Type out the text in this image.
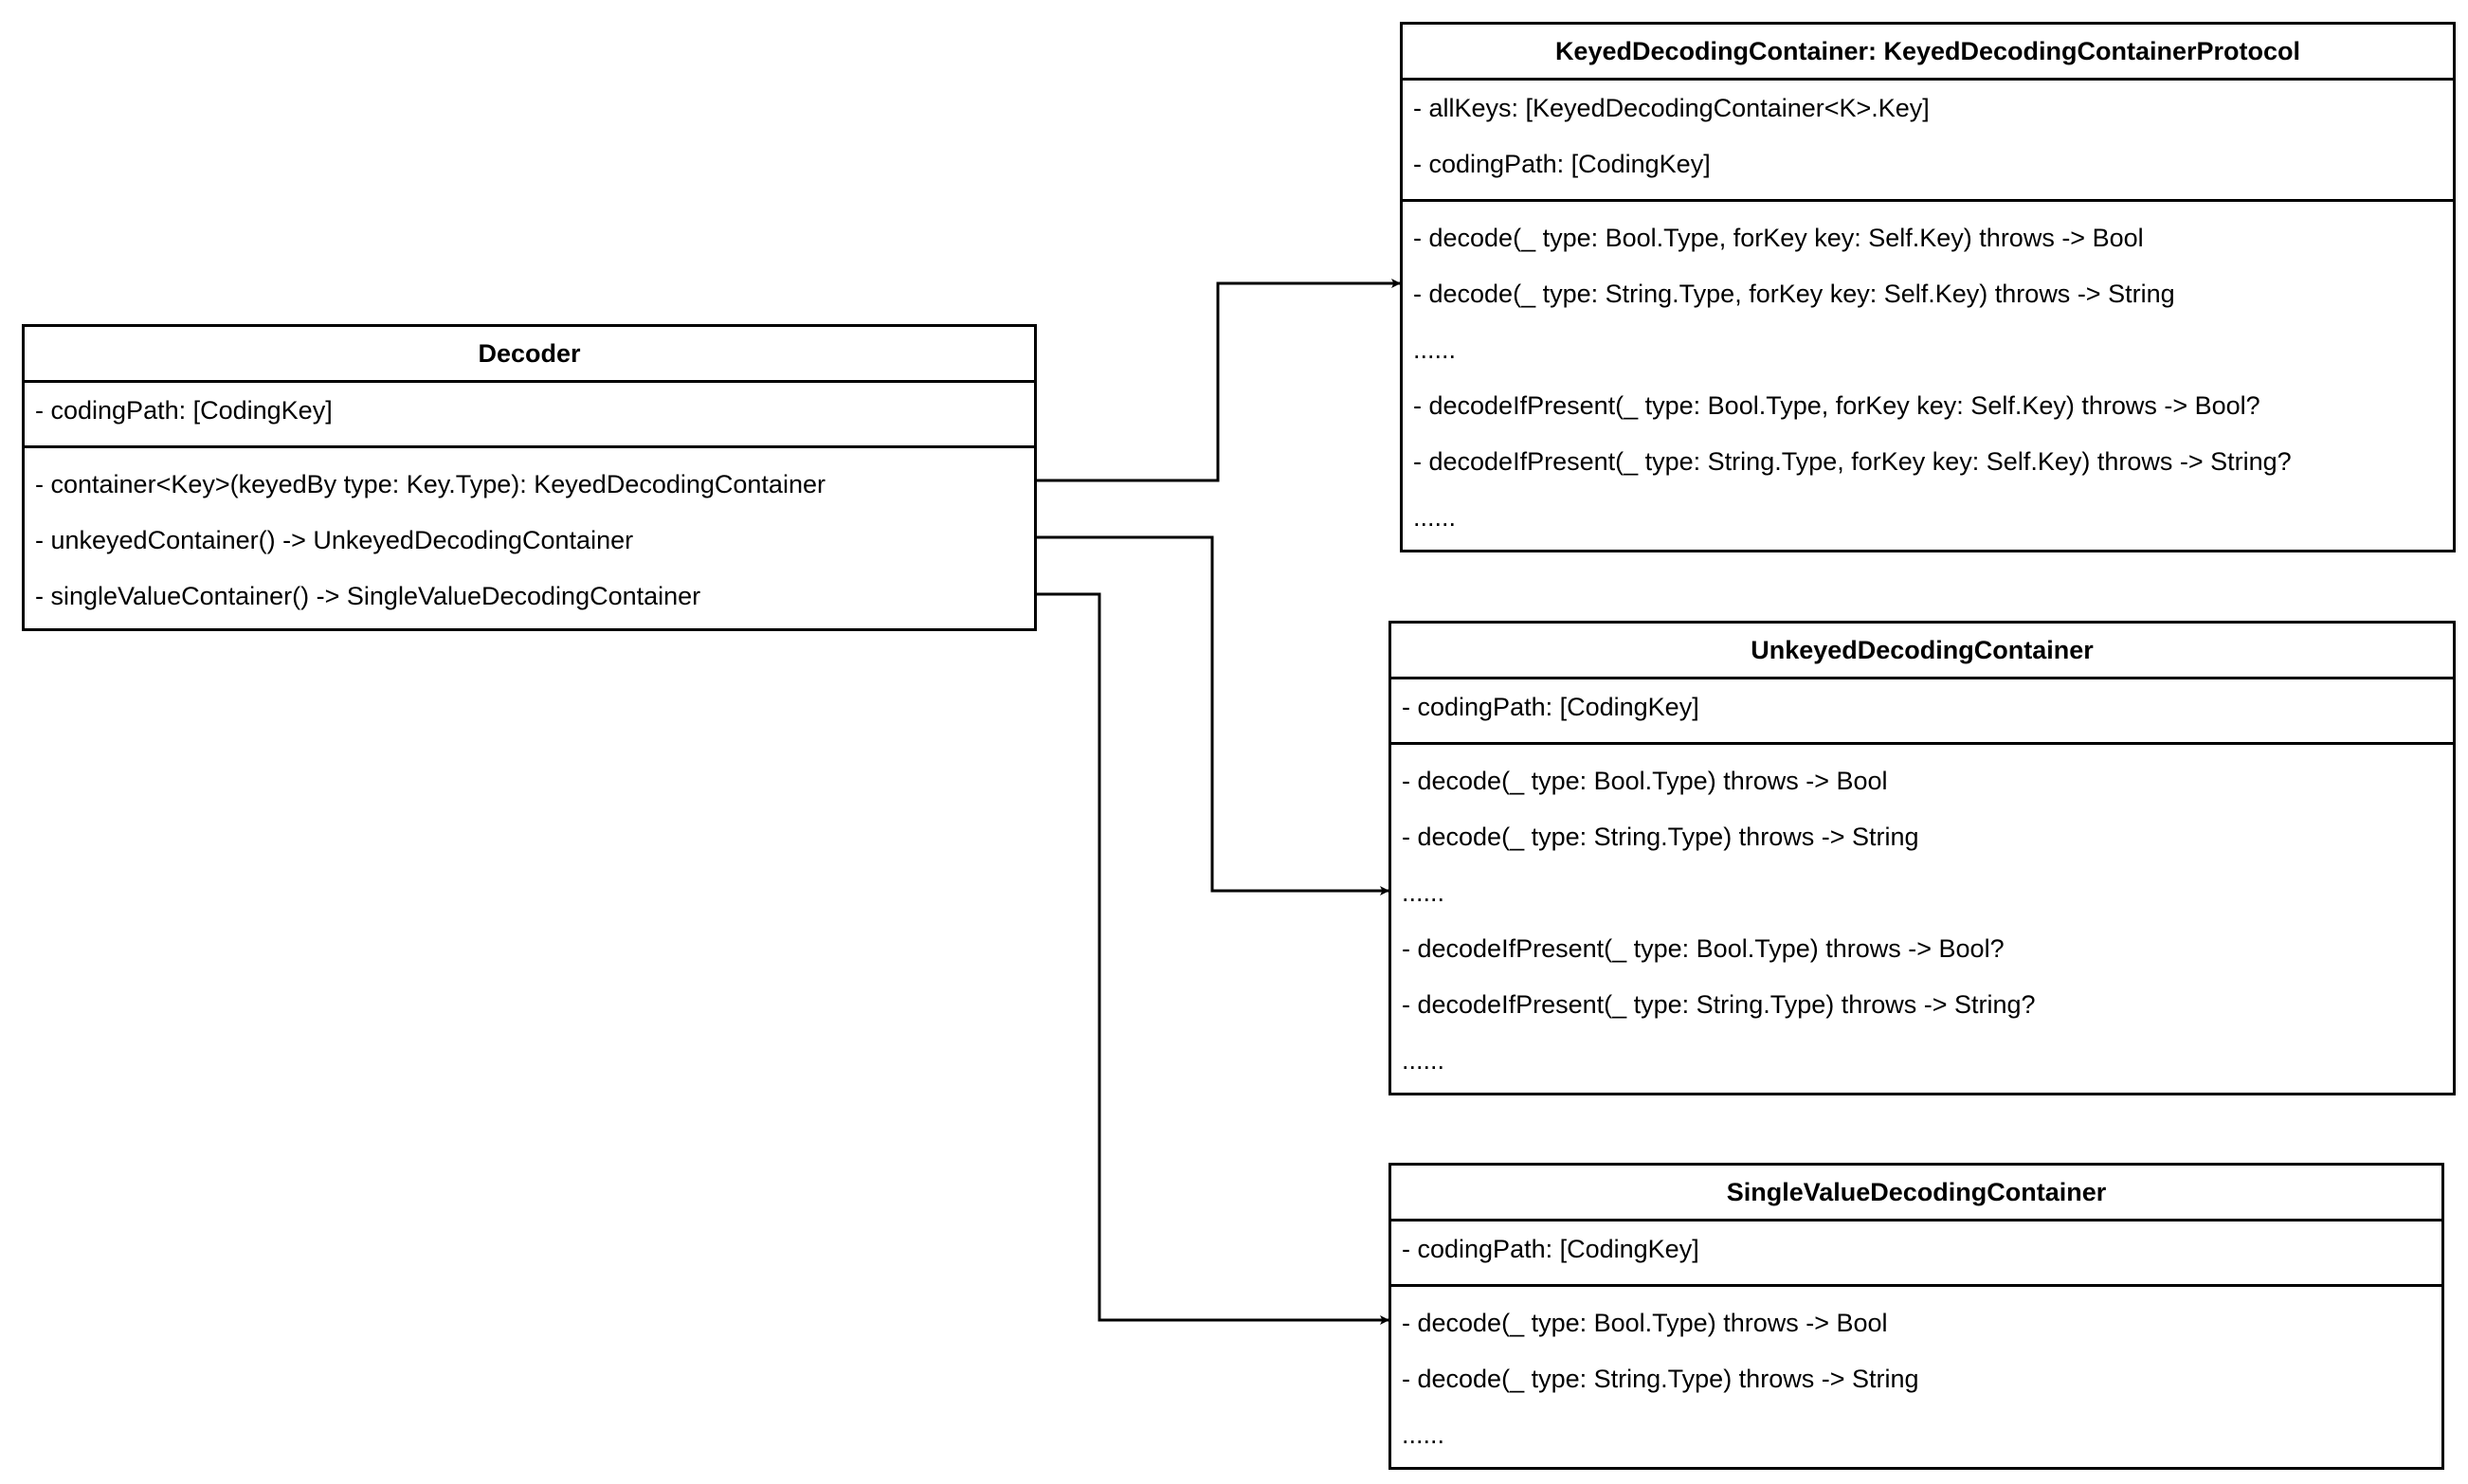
Decoder
- codingPath: [CodingKey]
- container<Key>(keyedBy type: Key.Type): KeyedDecodingContainer
- unkeyedContainer() -> UnkeyedDecodingContainer
- singleValueContainer() -> SingleValueDecodingContainer
KeyedDecodingContainer: KeyedDecodingContainerProtocol
- allKeys: [KeyedDecodingContainer<K>.Key]
- codingPath: [CodingKey]
- decode(_ type: Bool.Type, forKey key: Self.Key) throws -> Bool
- decode(_ type: String.Type, forKey key: Self.Key) throws -> String
......
- decodeIfPresent(_ type: Bool.Type, forKey key: Self.Key) throws -> Bool?
- decodeIfPresent(_ type: String.Type, forKey key: Self.Key) throws -> String?
......
UnkeyedDecodingContainer
- codingPath: [CodingKey]
- decode(_ type: Bool.Type) throws -> Bool
- decode(_ type: String.Type) throws -> String
......
- decodeIfPresent(_ type: Bool.Type) throws -> Bool?
- decodeIfPresent(_ type: String.Type) throws -> String?
......
SingleValueDecodingContainer
- codingPath: [CodingKey]
- decode(_ type: Bool.Type) throws -> Bool
- decode(_ type: String.Type) throws -> String
......
